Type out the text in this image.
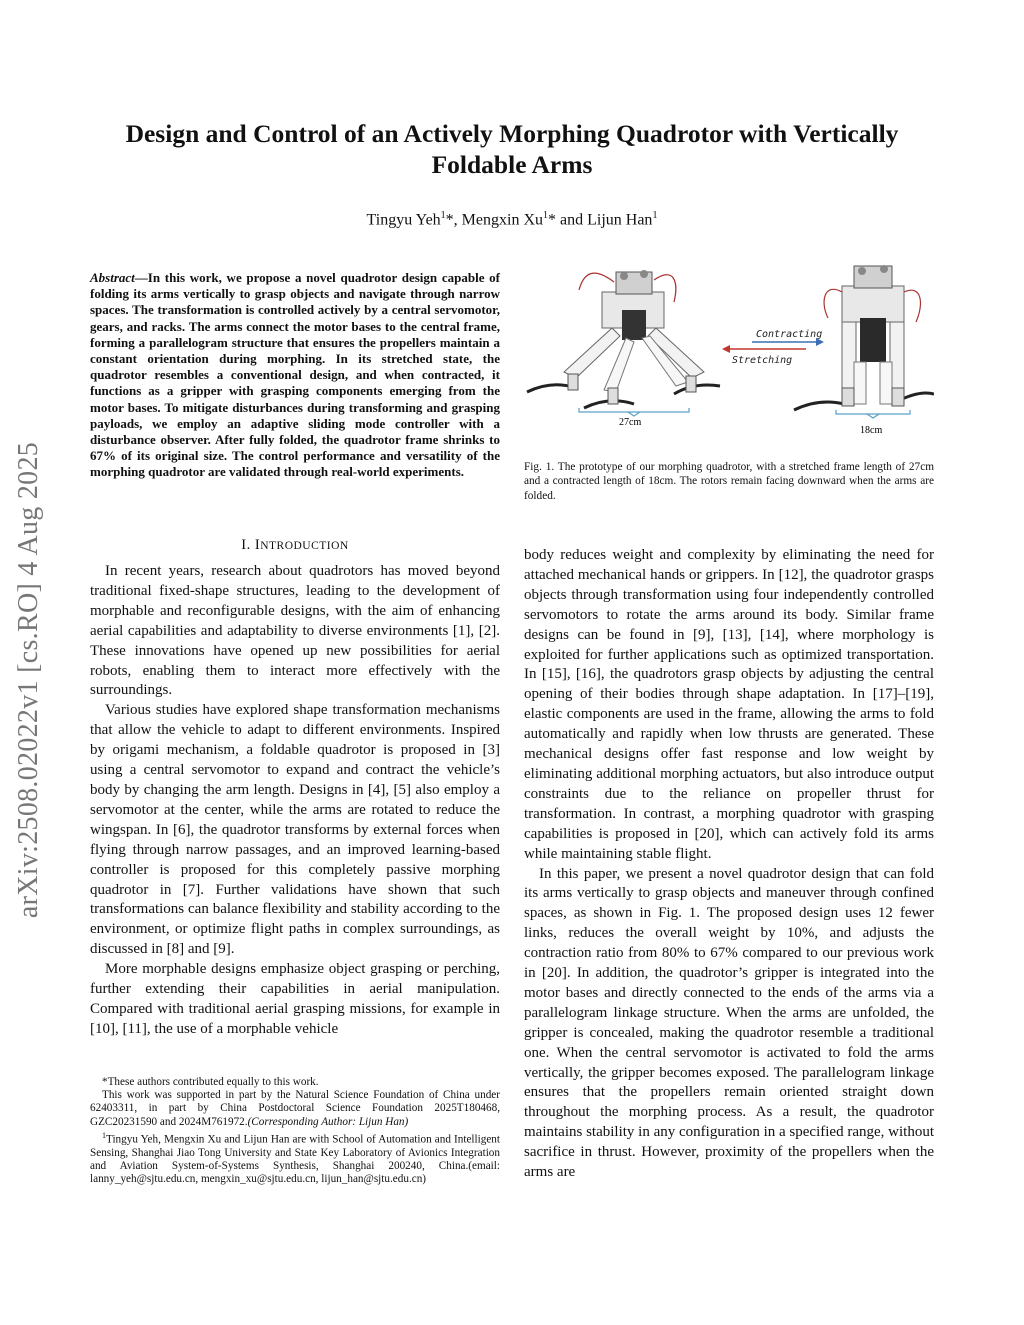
Design and Control of an Actively Morphing Quadrotor with Vertically Foldable Arms
Tingyu Yeh$^1$*, Mengxin Xu$^1$* and Lijun Han$^1$
arXiv:2508.02022v1 [cs.RO] 4 Aug 2025
Abstract—In this work, we propose a novel quadrotor design capable of folding its arms vertically to grasp objects and navigate through narrow spaces. The transformation is controlled actively by a central servomotor, gears, and racks. The arms connect the motor bases to the central frame, forming a parallelogram structure that ensures the propellers maintain a constant orientation during morphing. In its stretched state, the quadrotor resembles a conventional design, and when contracted, it functions as a gripper with grasping components emerging from the motor bases. To mitigate disturbances during transforming and grasping payloads, we employ an adaptive sliding mode controller with a disturbance observer. After fully folded, the quadrotor frame shrinks to 67% of its original size. The control performance and versatility of the morphing quadrotor are validated through real-world experiments.
I. INTRODUCTION

In recent years, research about quadrotors has moved beyond traditional fixed-shape structures, leading to the development of morphable and reconfigurable designs, with the aim of enhancing aerial capabilities and adaptability to diverse environments [1], [2]. These innovations have opened up new possibilities for aerial robots, enabling them to interact more effectively with the surroundings.

Various studies have explored shape transformation mechanisms that allow the vehicle to adapt to different environments. Inspired by origami mechanism, a foldable quadrotor is proposed in [3] using a central servomotor to expand and contract the vehicle’s body by changing the arm length. Designs in [4], [5] also employ a servomotor at the center, while the arms are rotated to reduce the wingspan. In [6], the quadrotor transforms by external forces when flying through narrow passages, and an improved learning-based controller is proposed for this completely passive morphing quadrotor in [7]. Further validations have shown that such transformations can balance flexibility and stability according to the environment, or optimize flight paths in complex surroundings, as discussed in [8] and [9].

More morphable designs emphasize object grasping or perching, further extending their capabilities in aerial manipulation. Compared with traditional aerial grasping missions, for example in [10], [11], the use of a morphable vehicle

*These authors contributed equally to this work.

This work was supported in part by the Natural Science Foundation of China under 62403311, in part by China Postdoctoral Science Foundation 2025T180468, GZC20231590 and 2024M761972.(Corresponding Author: Lijun Han)

$^1$Tingyu Yeh, Mengxin Xu and Lijun Han are with School of Automation and Intelligent Sensing, Shanghai Jiao Tong University and State Key Laboratory of Avionics Integration and Aviation System-of-Systems Synthesis, Shanghai 200240, China.(email: lanny_yeh@sjtu.edu.cn, mengxin_xu@sjtu.edu.cn, lijun_han@sjtu.edu.cn)

27cm
Contracting
Stretching
18cm
Fig. 1. The prototype of our morphing quadrotor, with a stretched frame length of 27cm and a contracted length of 18cm. The rotors remain facing downward when the arms are folded.

body reduces weight and complexity by eliminating the need for attached mechanical hands or grippers. In [12], the quadrotor grasps objects through transformation using four independently controlled servomotors to rotate the arms around its body. Similar frame designs can be found in [9], [13], [14], where morphology is exploited for further applications such as optimized transportation. In [15], [16], the quadrotors grasp objects by adjusting the central opening of their bodies through shape adaptation. In [17]–[19], elastic components are used in the frame, allowing the arms to fold automatically and rapidly when low thrusts are generated. These mechanical designs offer fast response and low weight by eliminating additional morphing actuators, but also introduce output constraints due to the reliance on propeller thrust for transformation. In contrast, a morphing quadrotor with grasping capabilities is proposed in [20], which can actively fold its arms while maintaining stable flight.

In this paper, we present a novel quadrotor design that can fold its arms vertically to grasp objects and maneuver through confined spaces, as shown in Fig. 1. The proposed design uses 12 fewer links, reduces the overall weight by 10%, and adjusts the contraction ratio from 80% to 67% compared to our previous work in [20]. In addition, the quadrotor’s gripper is integrated into the motor bases and directly connected to the ends of the arms via a parallelogram linkage structure. When the arms are unfolded, the gripper is concealed, making the quadrotor resemble a traditional one. When the central servomotor is activated to fold the arms vertically, the gripper becomes exposed. The parallelogram linkage ensures that the propellers remain oriented straight down throughout the morphing process. As a result, the quadrotor maintains stability in any configuration in a specified range, without sacrifice in thrust. However, proximity of the propellers when the arms are
